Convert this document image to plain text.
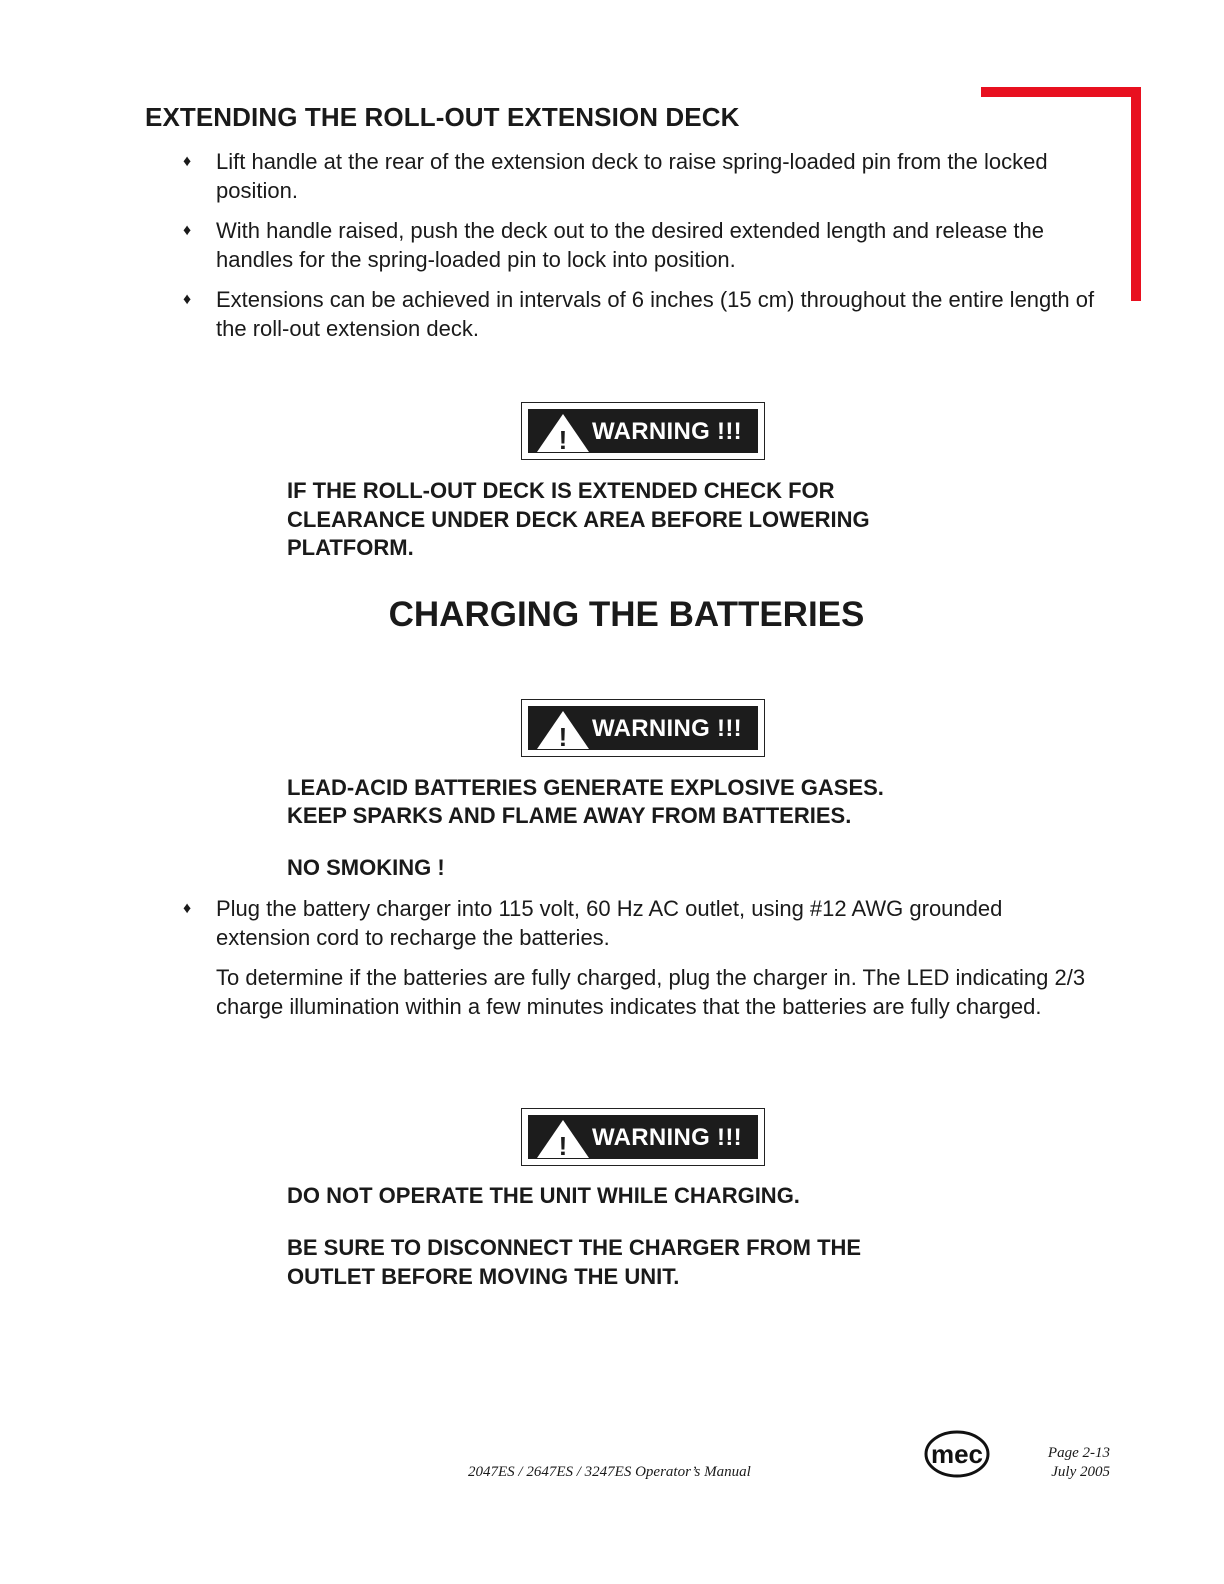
EXTENDING THE ROLL-OUT EXTENSION DECK
♦ Lift handle at the rear of the extension deck to raise spring-loaded pin from the locked position.
♦ With handle raised, push the deck out to the desired extended length and release the handles for the spring-loaded pin to lock into position.
♦ Extensions can be achieved in intervals of 6 inches (15 cm) throughout the entire length of the roll-out extension deck.
! WARNING !!!

IF THE ROLL-OUT DECK IS EXTENDED CHECK FOR CLEARANCE UNDER DECK AREA BEFORE LOWERING PLATFORM.

CHARGING THE BATTERIES
! WARNING !!!

LEAD-ACID BATTERIES GENERATE EXPLOSIVE GASES.

KEEP SPARKS AND FLAME AWAY FROM BATTERIES.

NO SMOKING !

♦ Plug the battery charger into 115 volt, 60 Hz AC outlet, using #12 AWG grounded extension cord to recharge the batteries.

To determine if the batteries are fully charged, plug the charger in. The LED indicating 2/3 charge illumination within a few minutes indicates that the batteries are fully charged.

! WARNING !!!

DO NOT OPERATE THE UNIT WHILE CHARGING.

BE SURE TO DISCONNECT THE CHARGER FROM THE OUTLET BEFORE MOVING THE UNIT.

mec
2047ES / 2647ES / 3247ES Operator’s Manual
Page 2-13
July 2005
